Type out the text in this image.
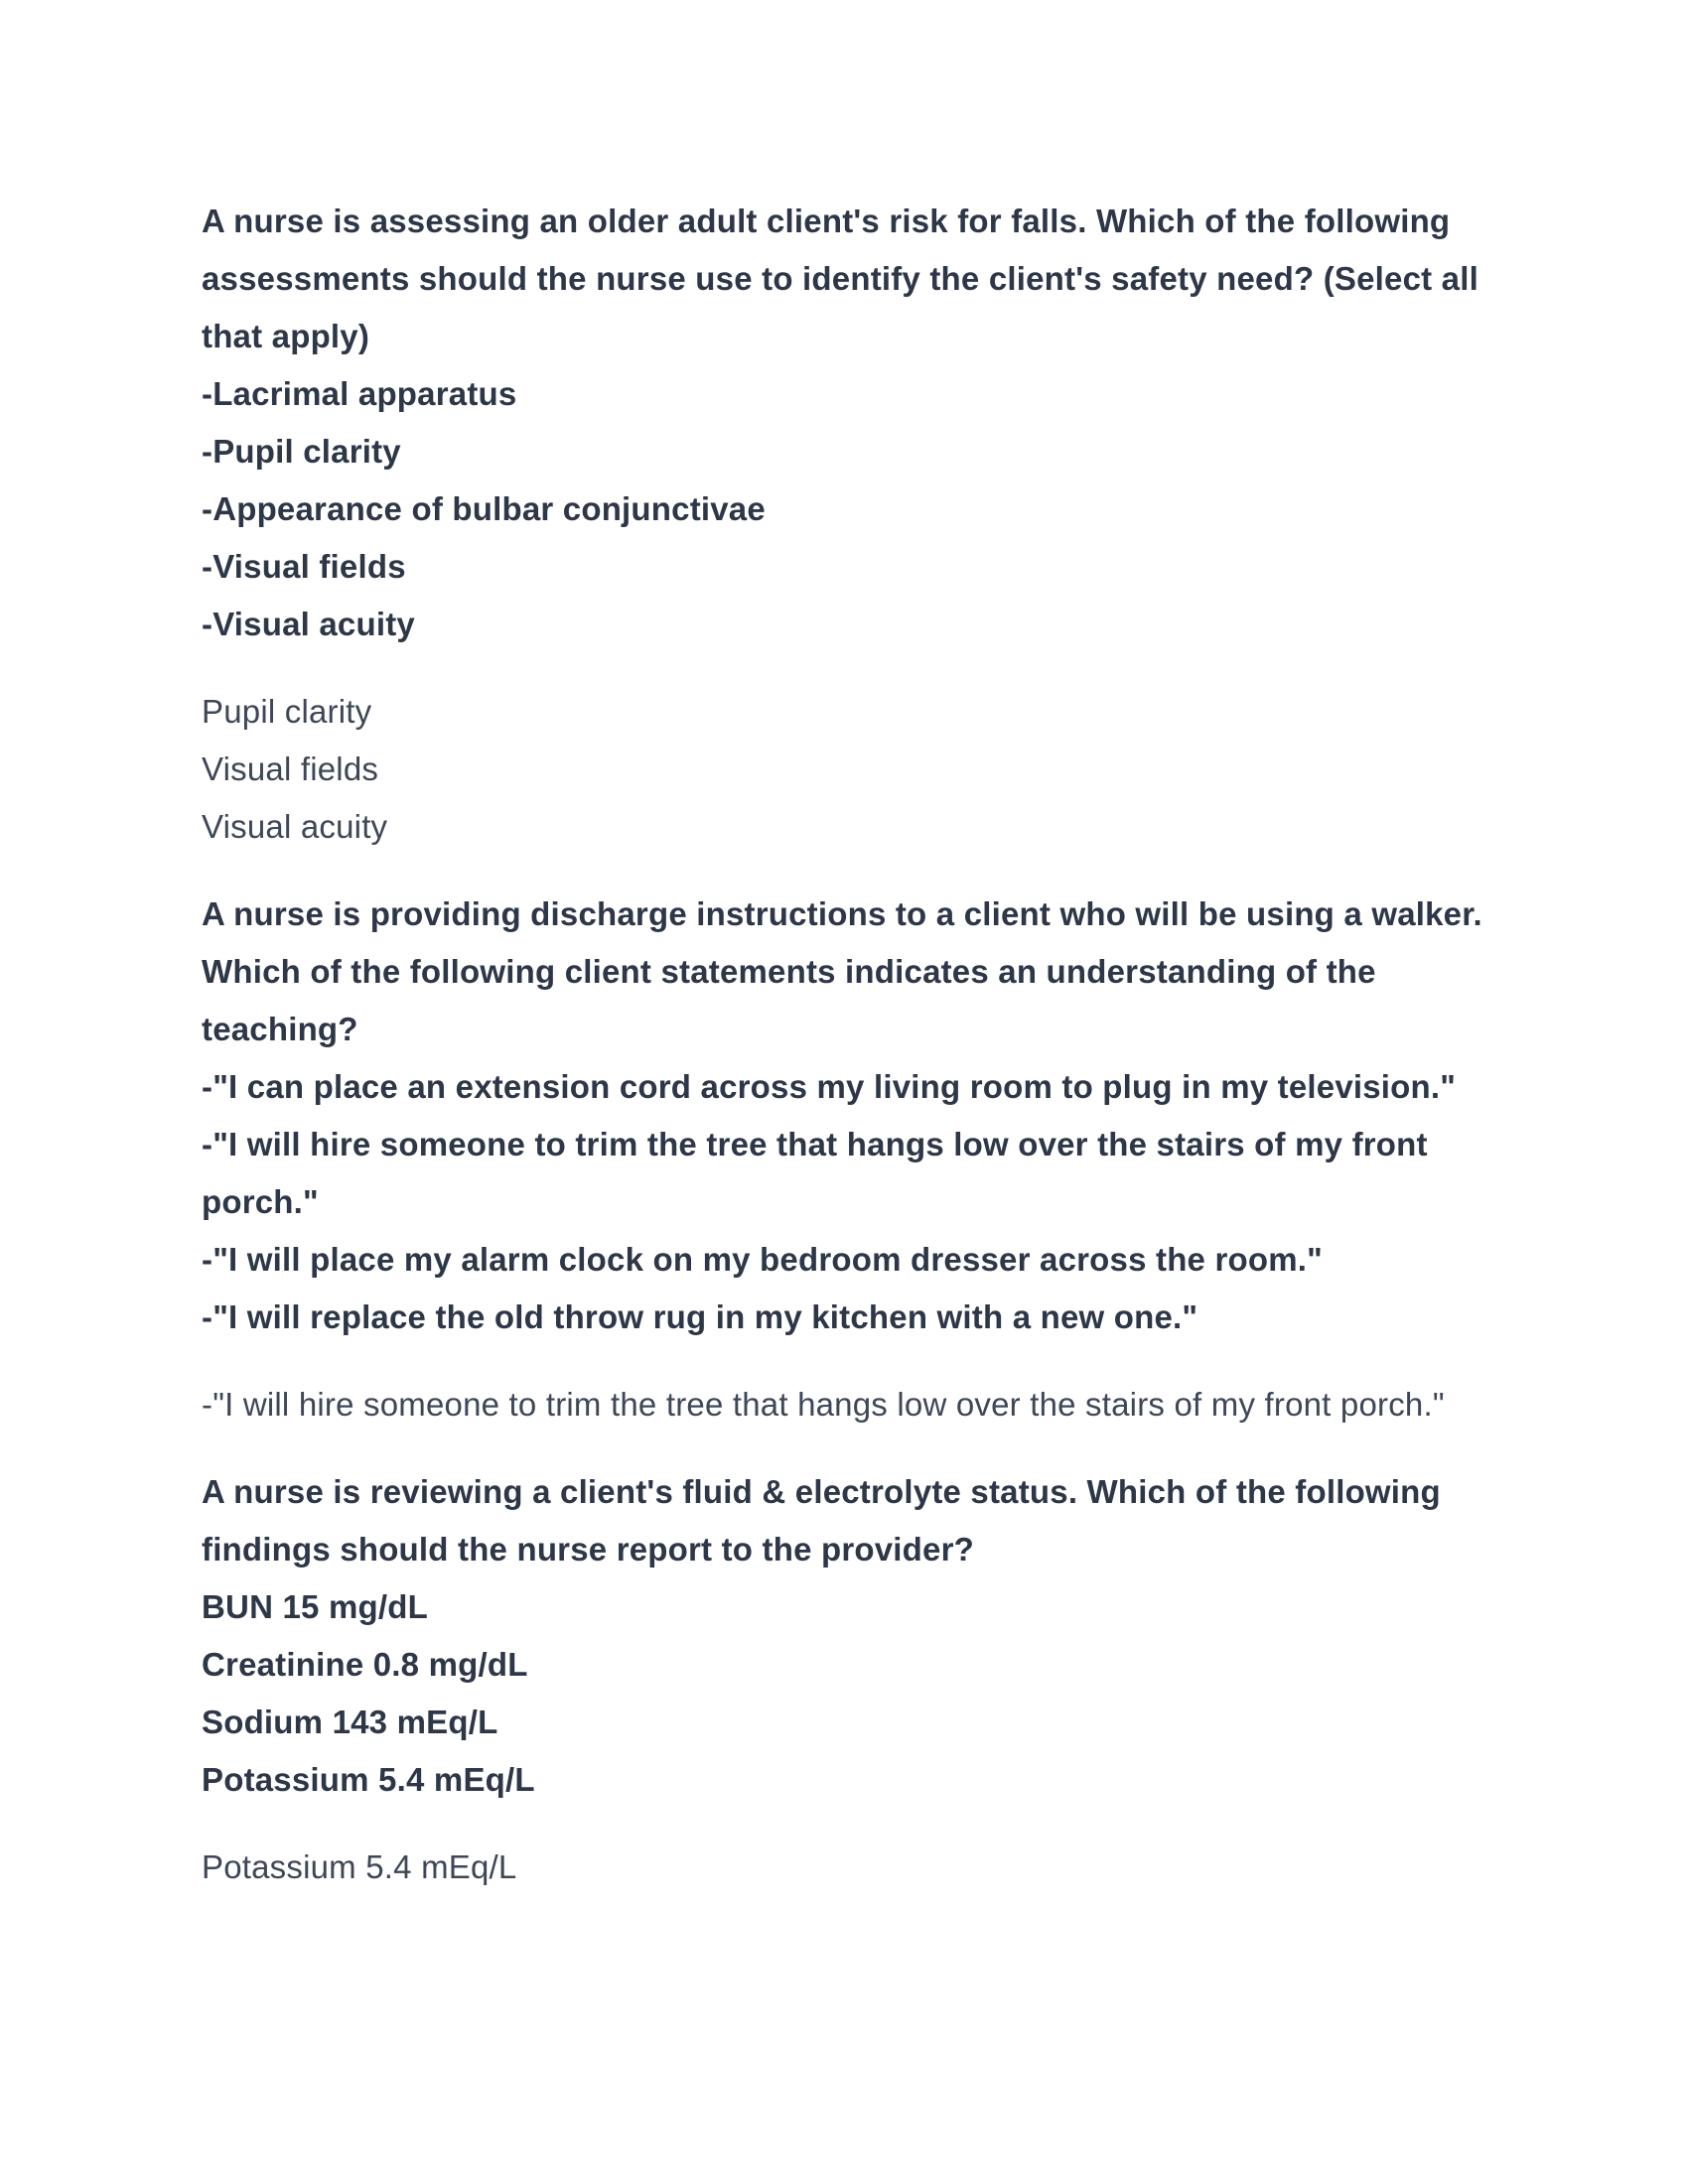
A nurse is assessing an older adult client's risk for falls. Which of the following assessments should the nurse use to identify the client's safety need? (Select all that apply)

-Lacrimal apparatus
-Pupil clarity
-Appearance of bulbar conjunctivae
-Visual fields
-Visual acuity
Pupil clarity
Visual fields
Visual acuity

A nurse is providing discharge instructions to a client who will be using a walker. Which of the following client statements indicates an understanding of the teaching?

-"I can place an extension cord across my living room to plug in my television."
-"I will hire someone to trim the tree that hangs low over the stairs of my front porch."
-"I will place my alarm clock on my bedroom dresser across the room."
-"I will replace the old throw rug in my kitchen with a new one."
-"I will hire someone to trim the tree that hangs low over the stairs of my front porch."

A nurse is reviewing a client's fluid & electrolyte status. Which of the following findings should the nurse report to the provider?

BUN 15 mg/dL
Creatinine 0.8 mg/dL
Sodium 143 mEq/L
Potassium 5.4 mEq/L
Potassium 5.4 mEq/L
